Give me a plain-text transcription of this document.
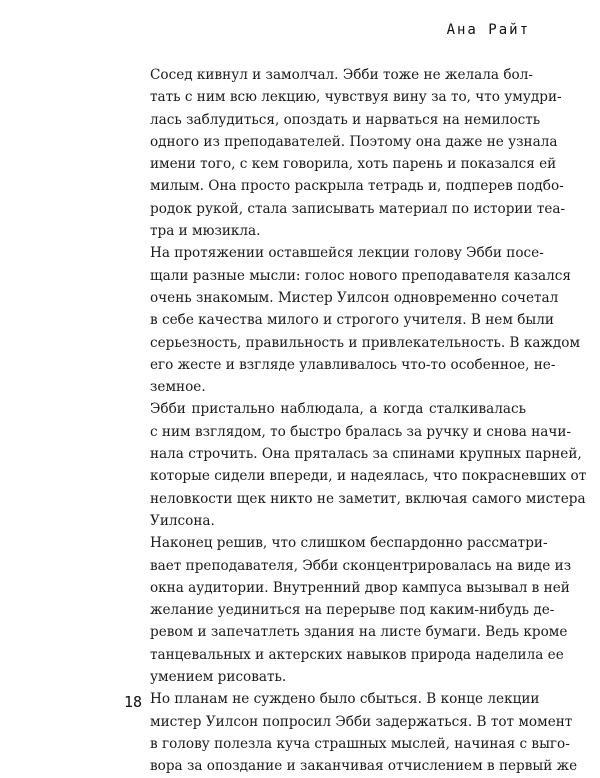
Ана Райт

Сосед кивнул и замолчал. Эбби тоже не желала бол-
тать с ним всю лекцию, чувствуя вину за то, что умудри-
лась заблудиться, опоздать и нарваться на немилость
одного из преподавателей. Поэтому она даже не узнала
имени того, с кем говорила, хоть парень и показался ей
милым. Она просто раскрыла тетрадь и, подперев подбо-
родок рукой, стала записывать материал по истории теа-
тра и мюзикла.

На протяжении оставшейся лекции голову Эбби посе-
щали разные мысли: голос нового преподавателя казался
очень знакомым. Мистер Уилсон одновременно сочетал
в себе качества милого и строгого учителя. В нем были
серьезность, правильность и привлекательность. В каждом
его жесте и взгляде улавливалось что-то особенное, не-
земное.

Эбби пристально наблюдала, а когда сталкивалась
с ним взглядом, то быстро бралась за ручку и снова начи-
нала строчить. Она пряталась за спинами крупных парней,
которые сидели впереди, и надеялась, что покрасневших от
неловкости щек никто не заметит, включая самого мистера
Уилсона.

Наконец решив, что слишком беспардонно рассматри-
вает преподавателя, Эбби сконцентрировалась на виде из
окна аудитории. Внутренний двор кампуса вызывал в ней
желание уединиться на перерыве под каким-нибудь де-
ревом и запечатлеть здания на листе бумаги. Ведь кроме
танцевальных и актерских навыков природа наделила ее
умением рисовать.

Но планам не суждено было сбыться. В конце лекции
мистер Уилсон попросил Эбби задержаться. В тот момент
в голову полезла куча страшных мыслей, начиная с выго-
вора за опоздание и заканчивая отчислением в первый же

18
